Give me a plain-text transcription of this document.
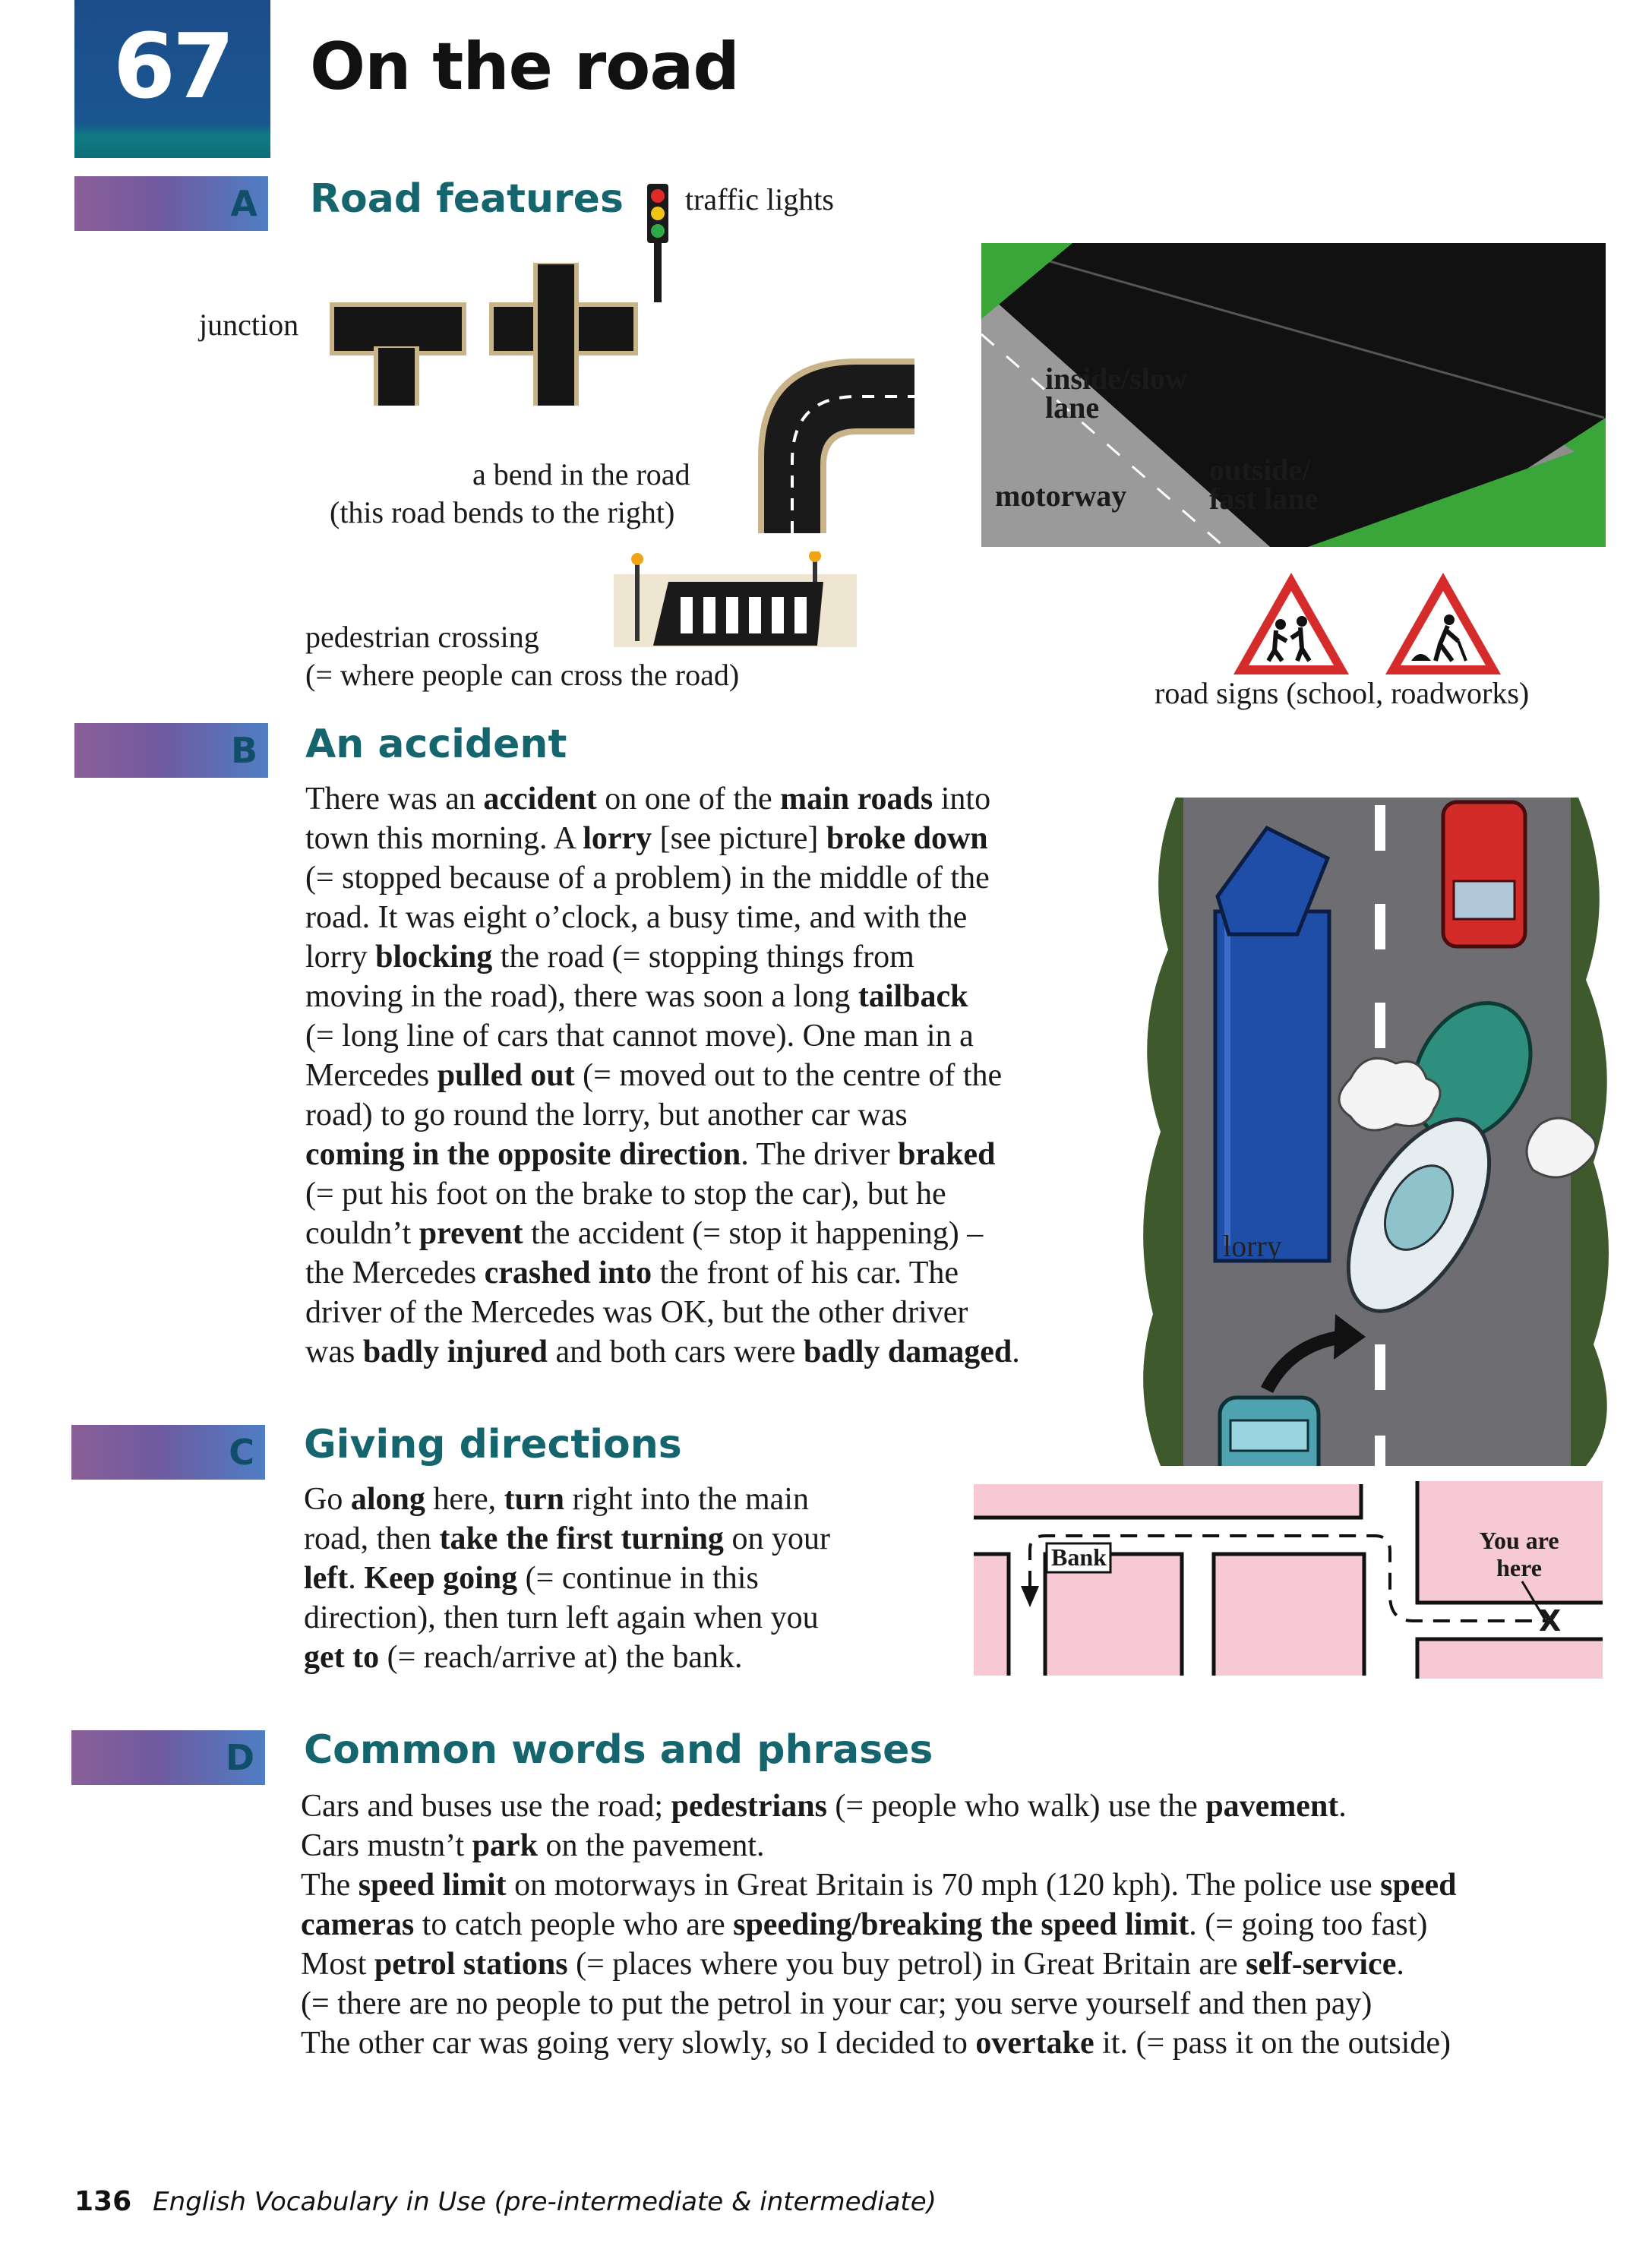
67	On the road
A Road features traffic lights
junction
a bend in the road
(this road bends to the right)
pedestrian crossing
(= where people can cross the road)
inside/slow
lane
motorway
outside/
fast lane
road signs (school, roadworks)
B An accident
There was an accident on one of the main roads into
town this morning. A lorry [see picture] broke down
(= stopped because of a problem) in the middle of the
road. It was eight o’clock, a busy time, and with the
lorry blocking the road (= stopping things from
moving in the road), there was soon a long tailback
(= long line of cars that cannot move). One man in a
Mercedes pulled out (= moved out to the centre of the
road) to go round the lorry, but another car was
coming in the opposite direction. The driver braked
(= put his foot on the brake to stop the car), but he
couldn’t prevent the accident (= stop it happening) –
the Mercedes crashed into the front of his car. The
driver of the Mercedes was OK, but the other driver
was badly injured and both cars were badly damaged.
lorry
C Giving directions
Go along here, turn right into the main
road, then take the first turning on your
left. Keep going (= continue in this
direction), then turn left again when you
get to (= reach/arrive at) the bank.
Bank
You are
here
X
D Common words and phrases
Cars and buses use the road; pedestrians (= people who walk) use the pavement.
Cars mustn’t park on the pavement.
The speed limit on motorways in Great Britain is 70 mph (120 kph). The police use speed
cameras to catch people who are speeding/breaking the speed limit. (= going too fast)
Most petrol stations (= places where you buy petrol) in Great Britain are self-service.
(= there are no people to put the petrol in your car; you serve yourself and then pay)
The other car was going very slowly, so I decided to overtake it. (= pass it on the outside)
136 English Vocabulary in Use (pre-intermediate & intermediate)
